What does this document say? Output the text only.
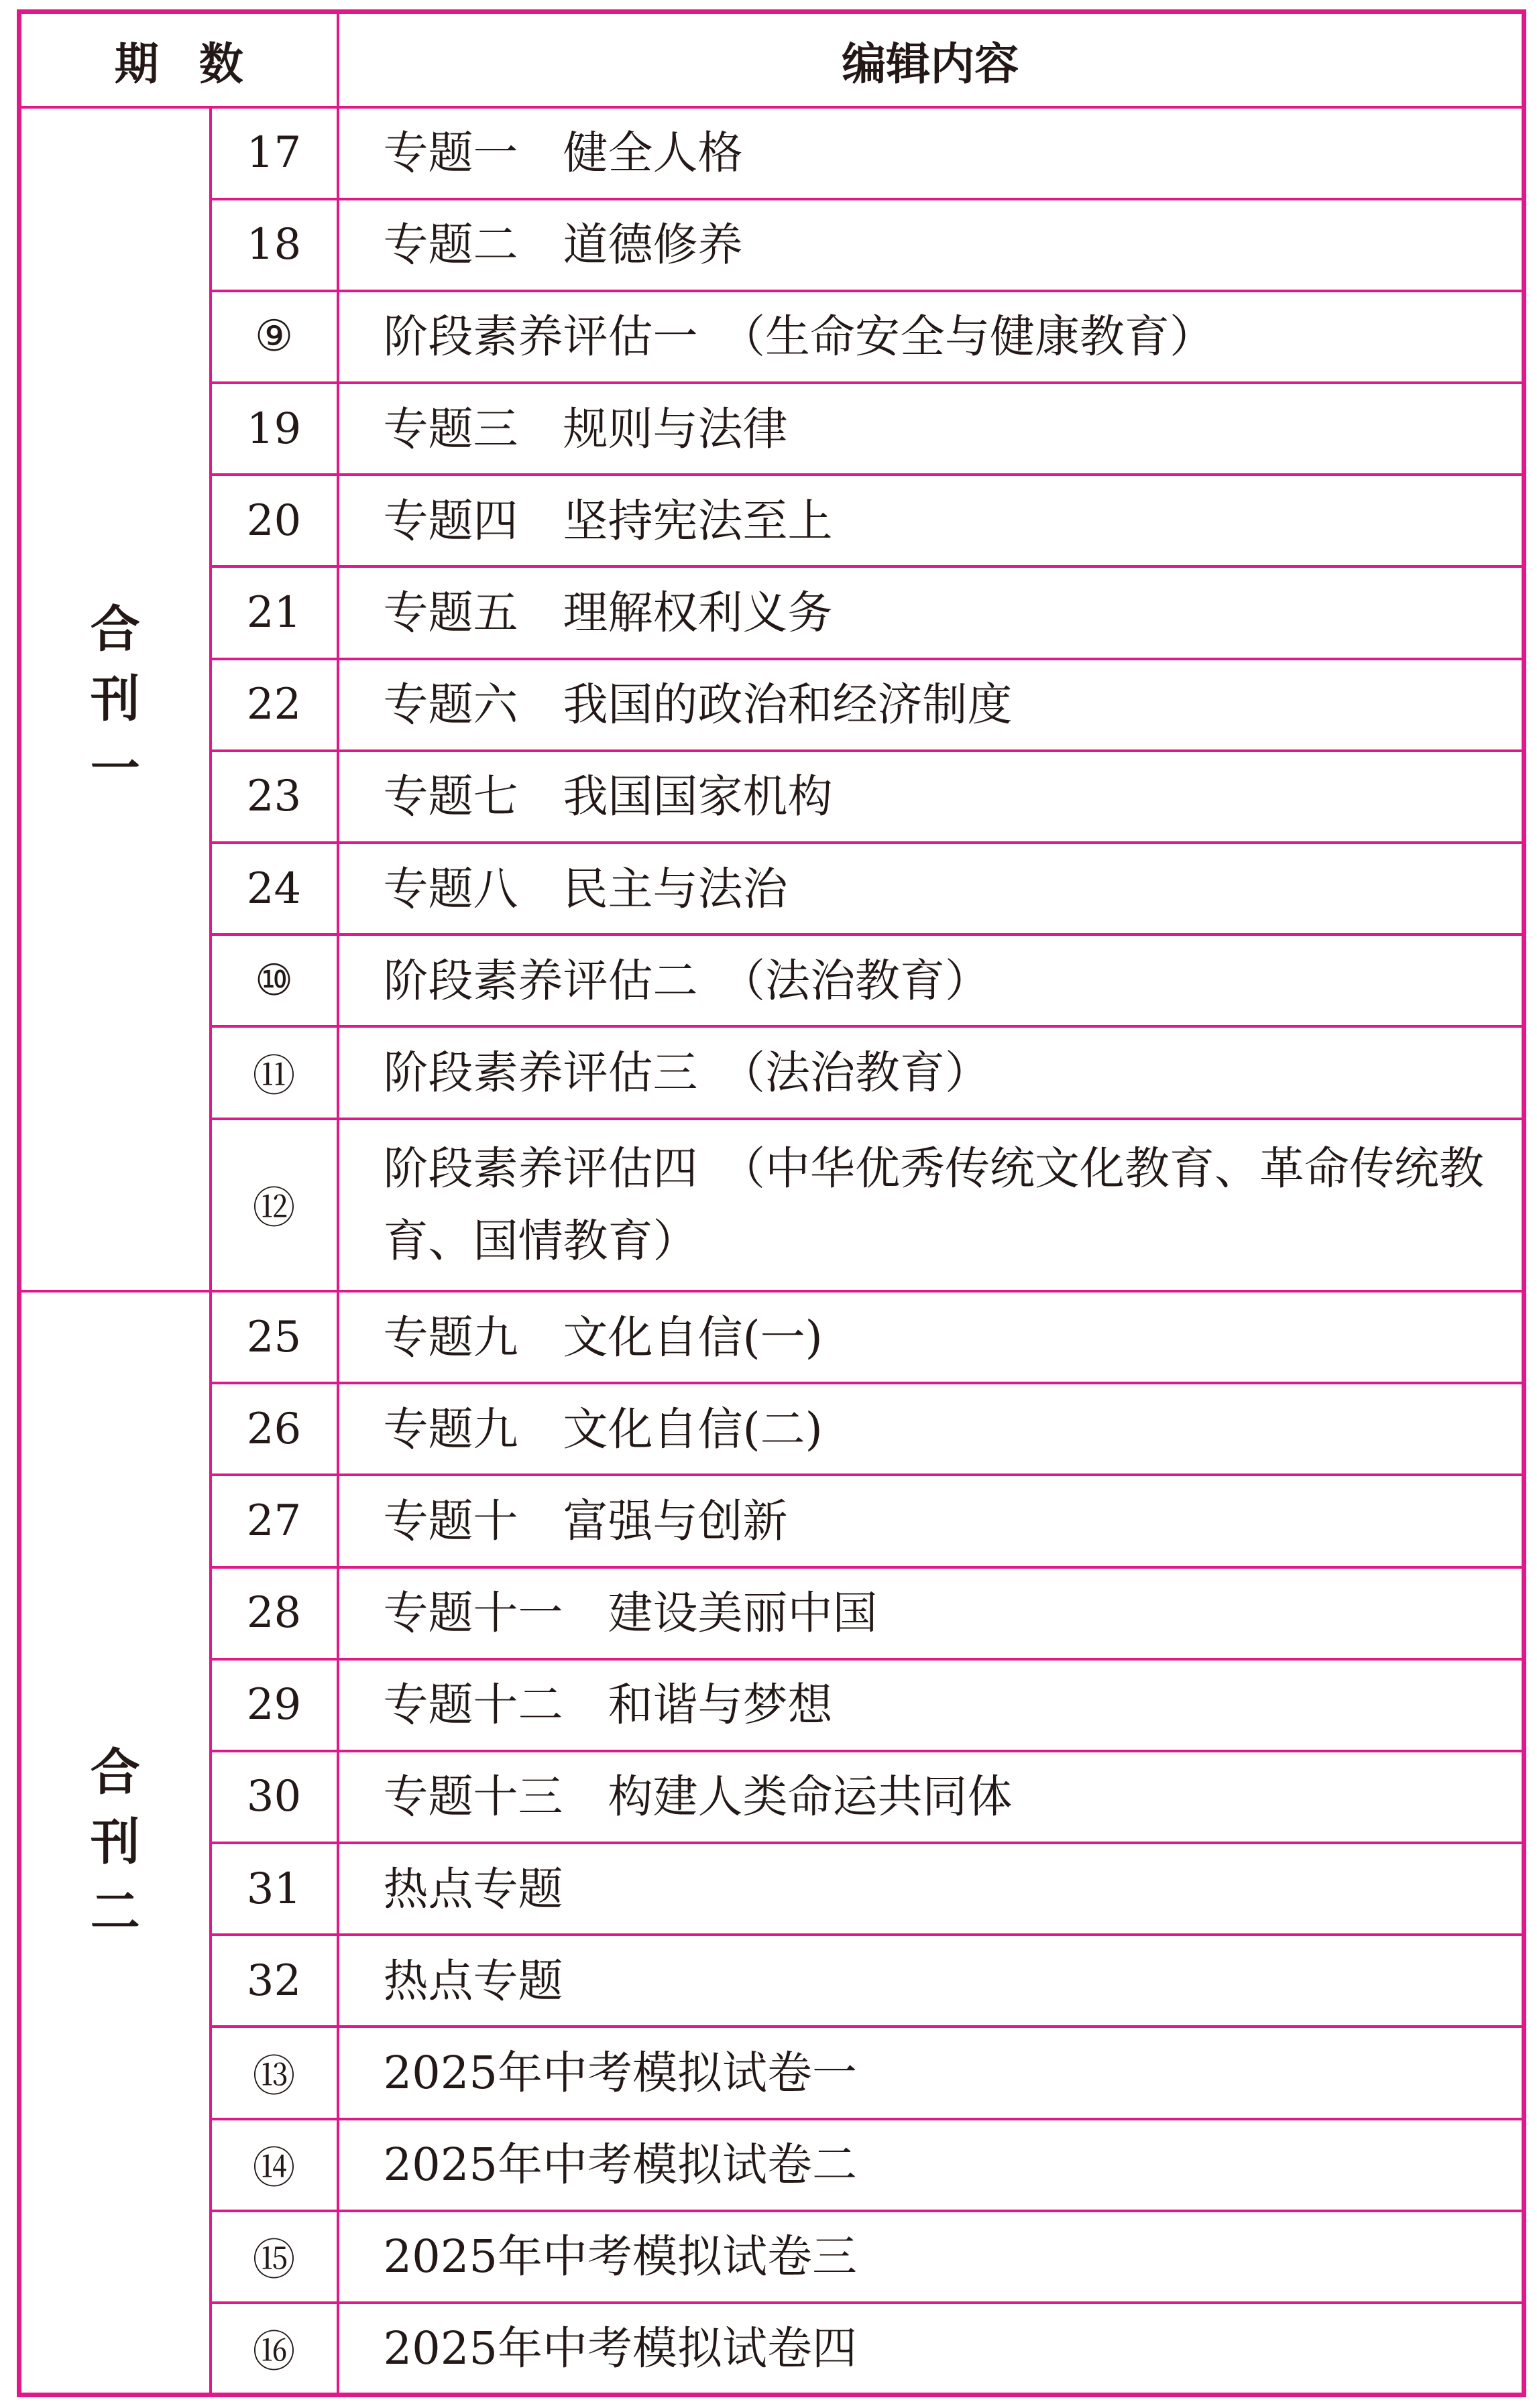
期数		编辑内容
合刊一	17	专题一　健全人格
	18	专题二　道德修养
	⑨	阶段素养评估一　（生命安全与健康教育）
	19	专题三　规则与法律
	20	专题四　坚持宪法至上
	21	专题五　理解权利义务
	22	专题六　我国的政治和经济制度
	23	专题七　我国国家机构
	24	专题八　民主与法治
	⑩	阶段素养评估二　（法治教育）
	⑪	阶段素养评估三　（法治教育）
	⑫	阶段素养评估四　（中华优秀传统文化教育、革命传统教育、国情教育）
合刊二	25	专题九　文化自信(一)
	26	专题九　文化自信(二)
	27	专题十　富强与创新
	28	专题十一　建设美丽中国
	29	专题十二　和谐与梦想
	30	专题十三　构建人类命运共同体
	31	热点专题
	32	热点专题
	⑬	2025年中考模拟试卷一
	⑭	2025年中考模拟试卷二
	⑮	2025年中考模拟试卷三
	⑯	2025年中考模拟试卷四
